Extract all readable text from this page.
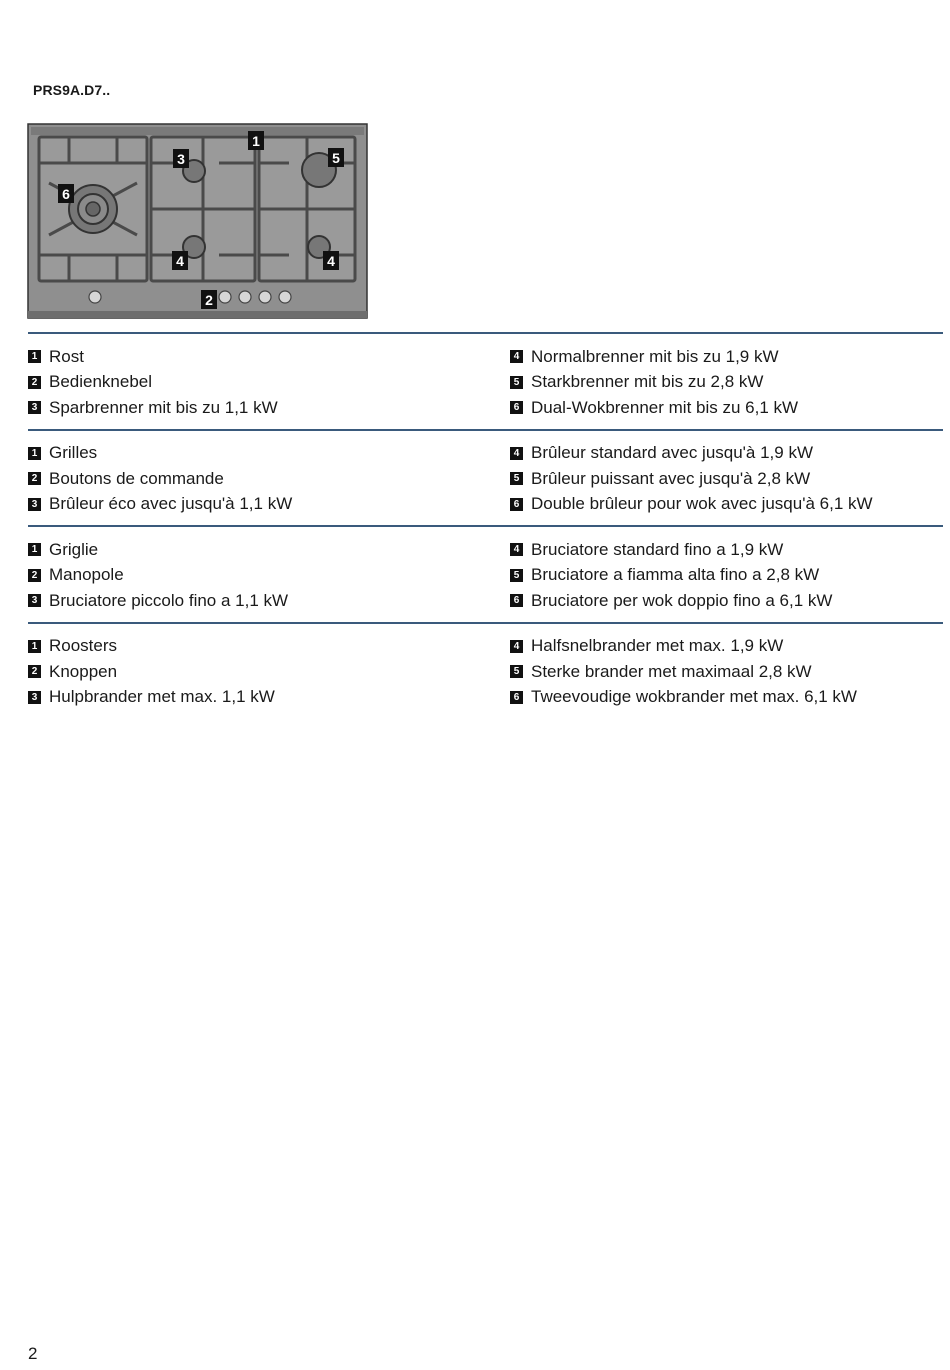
PRS9A.D7..
1
2
3
4	4
5
6
1 Rost
2 Bedienknebel
3 Sparbrenner mit bis zu 1,1 kW
4 Normalbrenner mit bis zu 1,9 kW
5 Starkbrenner mit bis zu 2,8 kW
6 Dual-Wokbrenner mit bis zu 6,1 kW
1 Grilles
2 Boutons de commande
3 Brûleur éco avec jusqu'à 1,1 kW
4 Brûleur standard avec jusqu'à 1,9 kW
5 Brûleur puissant avec jusqu'à 2,8 kW
6 Double brûleur pour wok avec jusqu'à 6,1 kW
1 Griglie
2 Manopole
3 Bruciatore piccolo fino a 1,1 kW
4 Bruciatore standard fino a 1,9 kW
5 Bruciatore a fiamma alta fino a 2,8 kW
6 Bruciatore per wok doppio fino a 6,1 kW
1 Roosters
2 Knoppen
3 Hulpbrander met max. 1,1 kW
4 Halfsnelbrander met max. 1,9 kW
5 Sterke brander met maximaal 2,8 kW
6 Tweevoudige wokbrander met max. 6,1 kW
2
